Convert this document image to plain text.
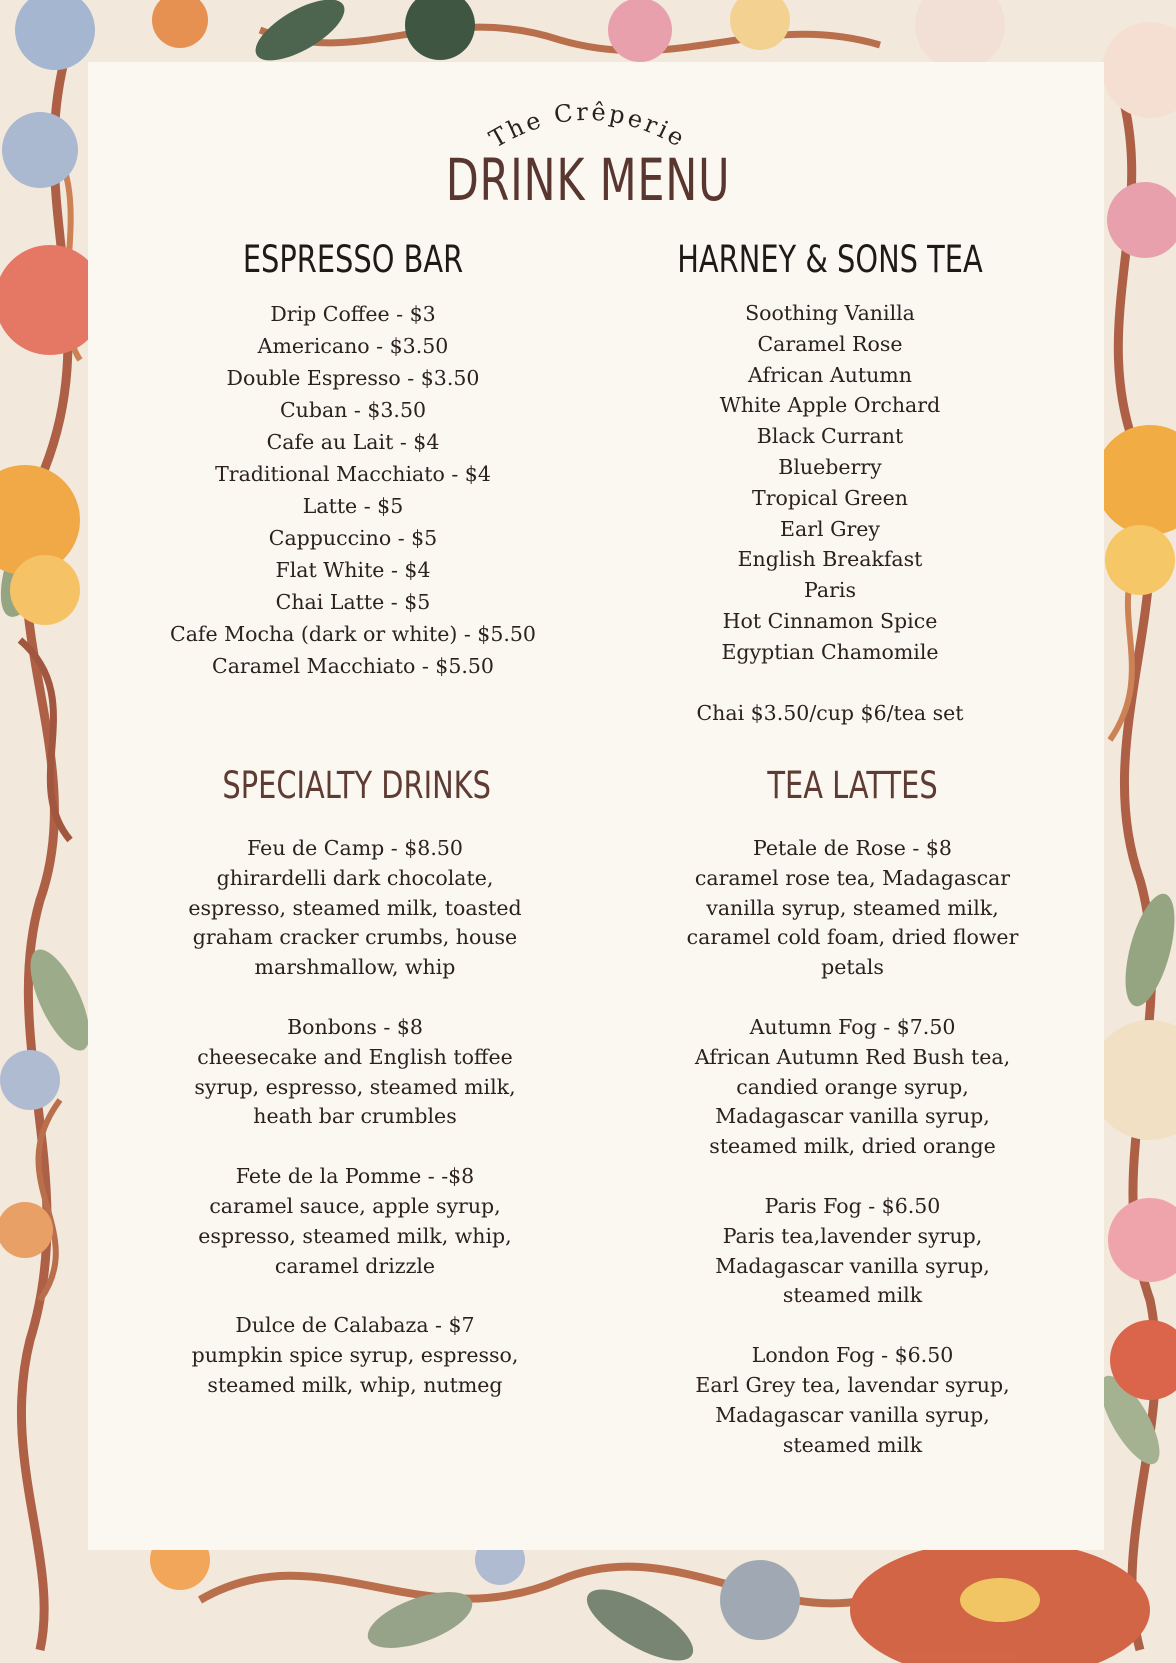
The Crêperie
DRINK MENU
ESPRESSO BAR
Drip Coffee - $3
Americano - $3.50
Double Espresso - $3.50
Cuban - $3.50
Cafe au Lait - $4
Traditional Macchiato - $4
Latte - $5
Cappuccino - $5
Flat White - $4
Chai Latte - $5
Cafe Mocha (dark or white) - $5.50
Caramel Macchiato - $5.50
HARNEY & SONS TEA
Soothing Vanilla
Caramel Rose
African Autumn
White Apple Orchard
Black Currant
Blueberry
Tropical Green
Earl Grey
English Breakfast
Paris
Hot Cinnamon Spice
Egyptian Chamomile
Chai $3.50/cup $6/tea set
SPECIALTY DRINKS
Feu de Camp - $8.50
ghirardelli dark chocolate, espresso, steamed milk, toasted graham cracker crumbs, house marshmallow, whip
Bonbons - $8
cheesecake and English toffee syrup, espresso, steamed milk, heath bar crumbles
Fete de la Pomme - -$8
caramel sauce, apple syrup, espresso, steamed milk, whip, caramel drizzle
Dulce de Calabaza - $7
pumpkin spice syrup, espresso, steamed milk, whip, nutmeg
TEA LATTES
Petale de Rose - $8
caramel rose tea, Madagascar vanilla syrup, steamed milk, caramel cold foam, dried flower petals
Autumn Fog - $7.50
African Autumn Red Bush tea, candied orange syrup, Madagascar vanilla syrup, steamed milk, dried orange
Paris Fog - $6.50
Paris tea,lavender syrup, Madagascar vanilla syrup, steamed milk
London Fog - $6.50
Earl Grey tea, lavendar syrup, Madagascar vanilla syrup, steamed milk
